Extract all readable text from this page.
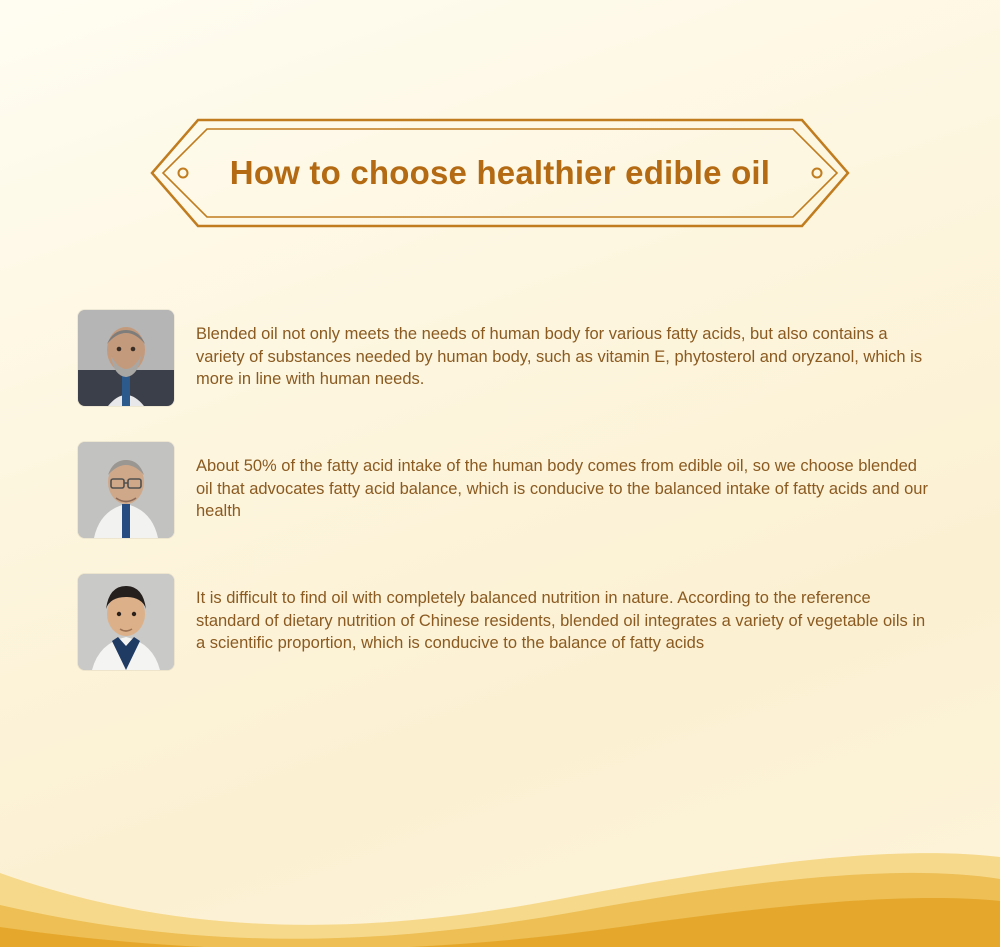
How to choose healthier edible oil
Blended oil not only meets the needs of human body for various fatty acids, but also contains a variety of substances needed by human body, such as vitamin E, phytosterol and oryzanol, which is more in line with human needs.
About 50% of the fatty acid intake of the human body comes from edible oil, so we choose blended oil that advocates fatty acid balance, which is conducive to the balanced intake of fatty acids and our health
It is difficult to find oil with completely balanced nutrition in nature. According to the reference standard of dietary nutrition of Chinese residents, blended oil integrates a variety of vegetable oils in a scientific proportion, which is conducive to the balance of fatty acids
